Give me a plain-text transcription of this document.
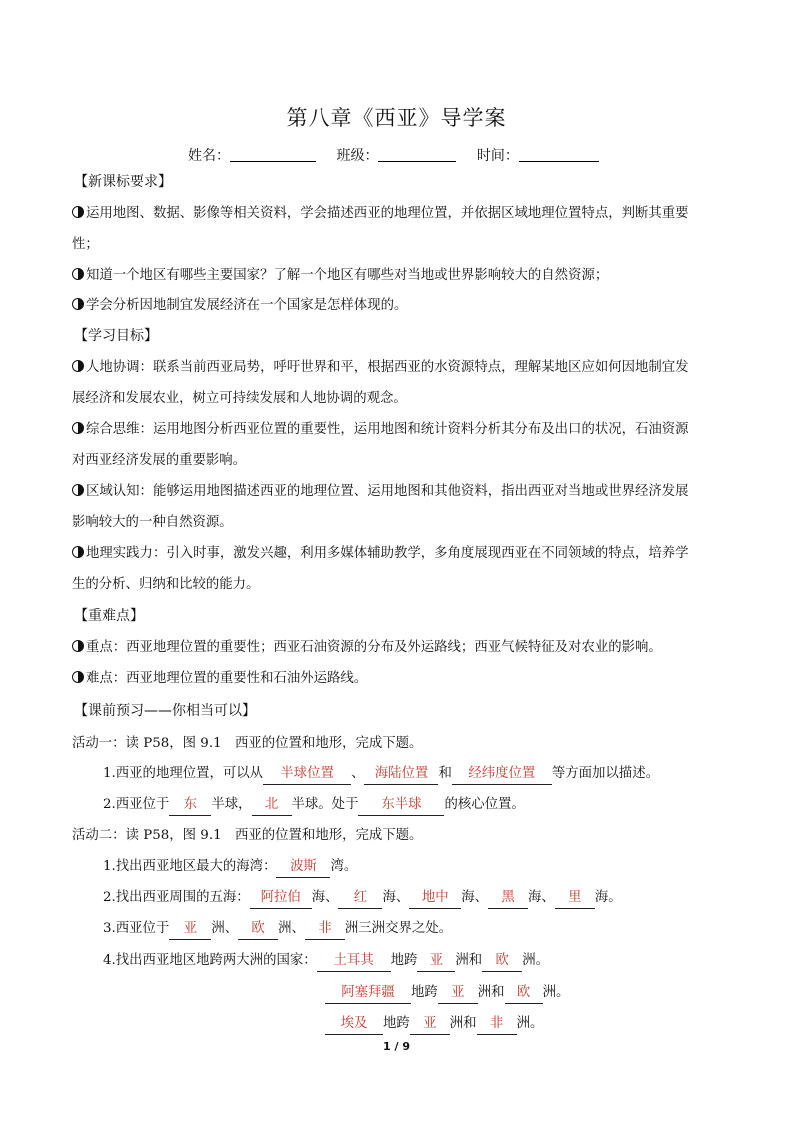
第八章《西亚》导学案
姓名：	班级：	时间：
【新课标要求】
运用地图、数据、影像等相关资料，学会描述西亚的地理位置，并依据区域地理位置特点，判断其重要
性；
知道一个地区有哪些主要国家？了解一个地区有哪些对当地或世界影响较大的自然资源；
学会分析因地制宜发展经济在一个国家是怎样体现的。
【学习目标】
人地协调：联系当前西亚局势，呼吁世界和平，根据西亚的水资源特点，理解某地区应如何因地制宜发
展经济和发展农业，树立可持续发展和人地协调的观念。
综合思维：运用地图分析西亚位置的重要性，运用地图和统计资料分析其分布及出口的状况，石油资源
对西亚经济发展的重要影响。
区域认知：能够运用地图描述西亚的地理位置、运用地图和其他资料，指出西亚对当地或世界经济发展
影响较大的一种自然资源。
地理实践力：引入时事，激发兴趣，利用多媒体辅助教学，多角度展现西亚在不同领域的特点，培养学
生的分析、归纳和比较的能力。
【重难点】
重点：西亚地理位置的重要性；西亚石油资源的分布及外运路线；西亚气候特征及对农业的影响。
难点：西亚地理位置的重要性和石油外运路线。
【课前预习——你相当可以】
活动一：读 P58，图 9.1　西亚的位置和地形，完成下题。
1.西亚的地理位置，可以从 半球位置 、 海陆位置 和 经纬度位置 等方面加以描述。
2.西亚位于 东 半球， 北 半球。处于 东半球 的核心位置。
活动二：读 P58，图 9.1　西亚的位置和地形，完成下题。
1.找出西亚地区最大的海湾： 波斯 湾。
2.找出西亚周围的五海： 阿拉伯 海、 红 海、 地中 海、 黑 海、 里 海。
3.西亚位于 亚 洲、 欧 洲、 非 洲三洲交界之处。
4.找出西亚地区地跨两大洲的国家： 土耳其 地跨 亚 洲和 欧 洲。
阿塞拜疆 地跨 亚 洲和 欧 洲。
埃及 地跨 亚 洲和 非 洲。
1 / 9
